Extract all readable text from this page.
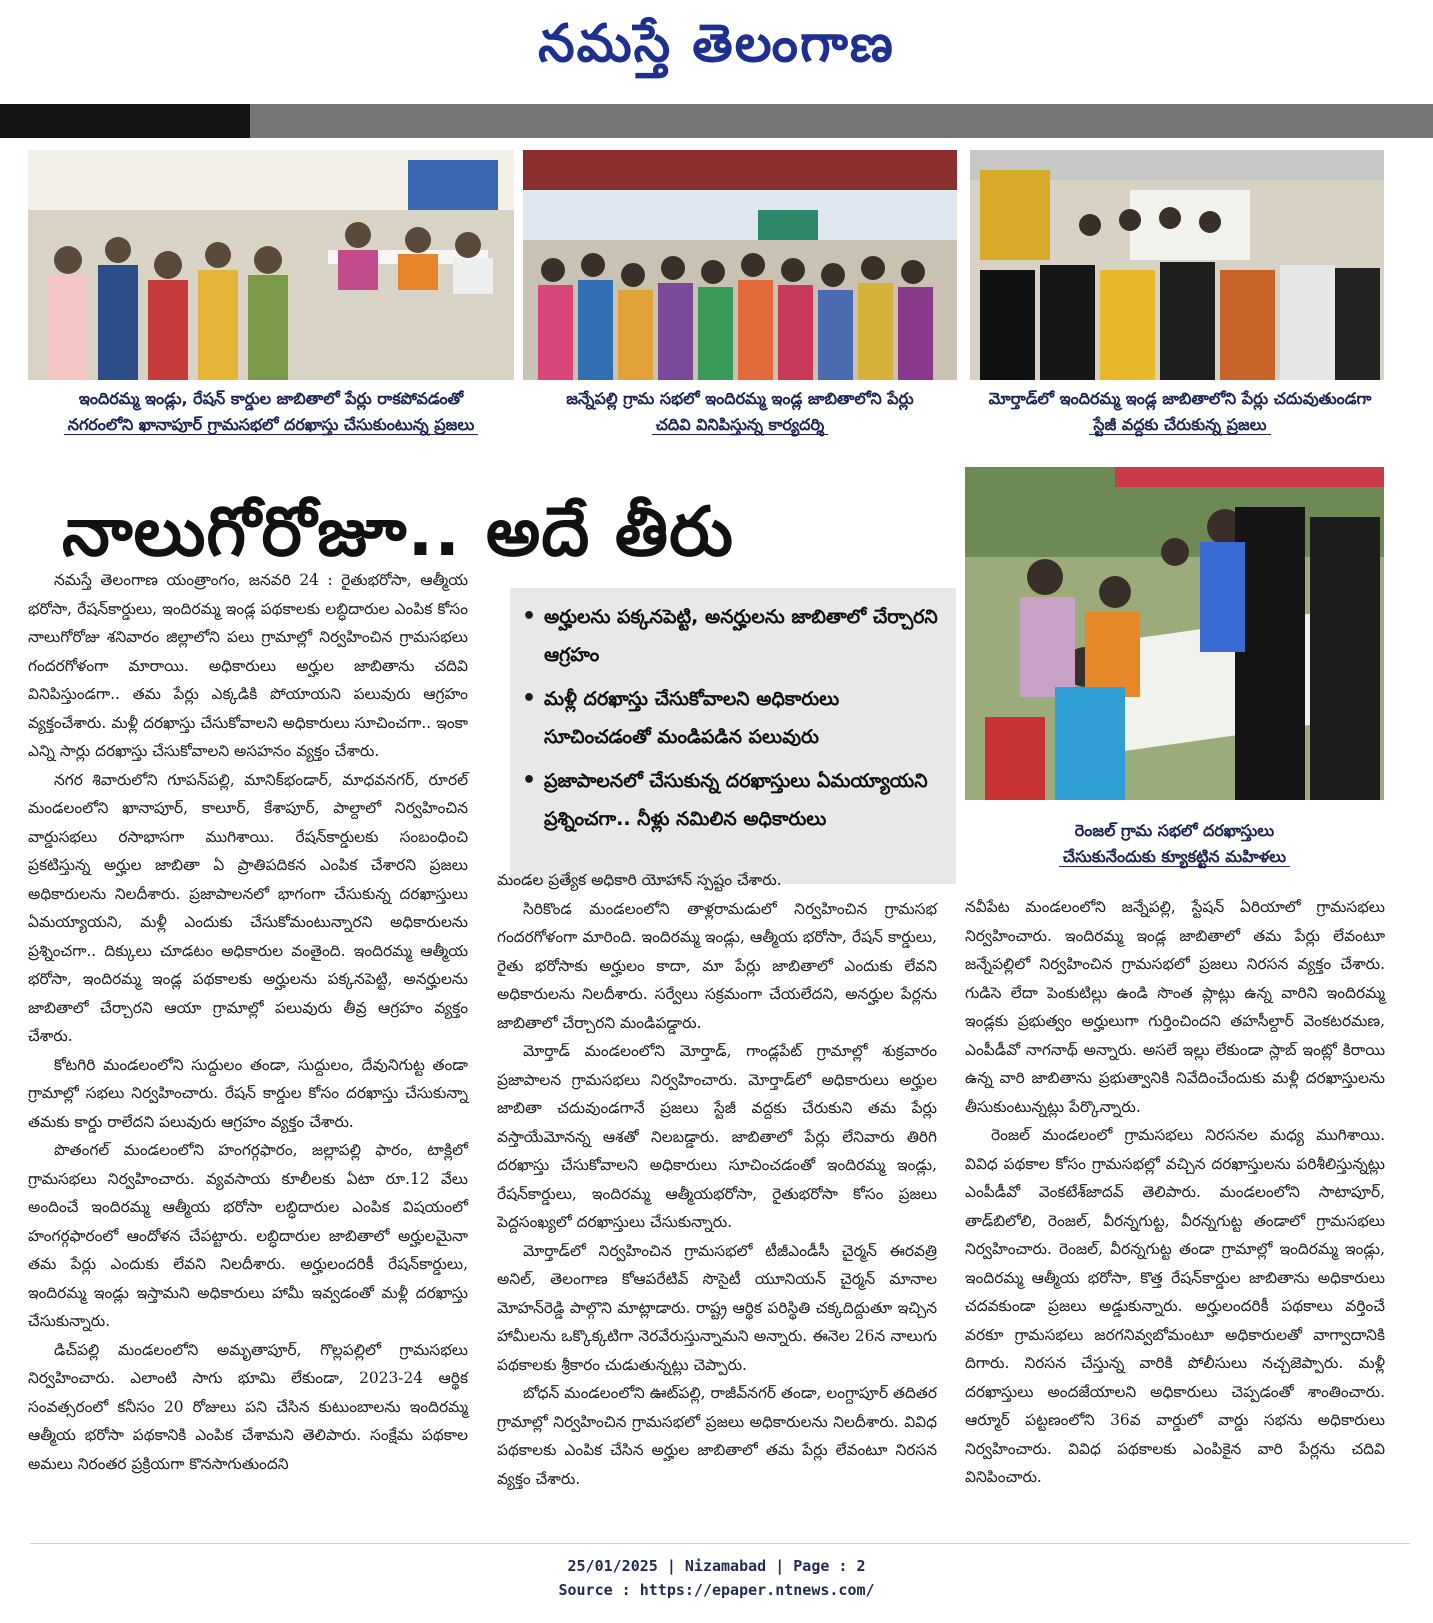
నమస్తే తెలంగాణ
ఇందిరమ్మ ఇండ్లు, రేషన్‌ కార్డుల జాబితాలో పేర్లు రాకపోవడంతో
నగరంలోని ఖానాపూర్‌ గ్రామసభలో దరఖాస్తు చేసుకుంటున్న ప్రజలు
జన్నేపల్లి గ్రామ సభలో ఇందిరమ్మ ఇండ్ల జాబితాలోని పేర్లు
చదివి వినిపిస్తున్న కార్యదర్శి
మోర్తాడ్‌లో ఇందిరమ్మ ఇండ్ల జాబితాలోని పేర్లు చదువుతుండగా
స్టేజీ వద్దకు చేరుకున్న ప్రజలు
రెంజల్‌ గ్రామ సభలో దరఖాస్తులు
చేసుకునేందుకు క్యూకట్టిన మహిళలు
నాలుగోరోజూ.. అదే తీరు
• అర్హులను పక్కనపెట్టి, అనర్హులను జాబితాలో చేర్చారని ఆగ్రహం
• మళ్లీ దరఖాస్తు చేసుకోవాలని అధికారులు సూచించడంతో మండిపడిన పలువురు
• ప్రజాపాలనలో చేసుకున్న దరఖాస్తులు ఏమయ్యాయని ప్రశ్నించగా.. నీళ్లు నమిలిన అధికారులు

నమస్తే తెలంగాణ యంత్రాంగం, జనవరి 24 : రైతుభరోసా, ఆత్మీయ భరోసా, రేషన్‌కార్డులు, ఇందిరమ్మ ఇండ్ల పథకాలకు లబ్ధిదారుల ఎంపిక కోసం నాలుగోరోజు శనివారం జిల్లాలోని పలు గ్రామాల్లో నిర్వహించిన గ్రామసభలు గందరగోళంగా మారాయి. అధికారులు అర్హుల జాబితాను చదివి వినిపిస్తుండగా.. తమ పేర్లు ఎక్కడికి పోయాయని పలువురు ఆగ్రహం వ్యక్తంచేశారు. మళ్లీ దరఖాస్తు చేసుకోవాలని అధికారులు సూచించగా.. ఇంకా ఎన్ని సార్లు దరఖాస్తు చేసుకోవాలని అసహనం వ్యక్తం చేశారు.

నగర శివారులోని గూపన్‌పల్లి, మానిక్‌భండార్‌, మాధవనగర్‌, రూరల్‌ మండలంలోని ఖానాపూర్‌, కాలూర్‌, కేశాపూర్‌, పాల్దాలో నిర్వహించిన వార్డుసభలు రసాభాసగా ముగిశాయి. రేషన్‌కార్డులకు సంబంధించి ప్రకటిస్తున్న అర్హుల జాబితా ఏ ప్రాతిపదికన ఎంపిక చేశారని ప్రజలు అధికారులను నిలదీశారు. ప్రజాపాలనలో భాగంగా చేసుకున్న దరఖాస్తులు ఏమయ్యాయని, మళ్లీ ఎందుకు చేసుకోమంటున్నారని అధికారులను ప్రశ్నించగా.. దిక్కులు చూడటం అధికారుల వంతైంది. ఇందిరమ్మ ఆత్మీయ భరోసా, ఇందిరమ్మ ఇండ్ల పథకాలకు అర్హులను పక్కనపెట్టి, అనర్హులను జాబితాలో చేర్చారని ఆయా గ్రామాల్లో పలువురు తీవ్ర ఆగ్రహం వ్యక్తం చేశారు.

కోటగిరి మండలంలోని సుద్దులం తండా, సుద్దులం, దేవునిగుట్ట తండా గ్రామాల్లో సభలు నిర్వహించారు. రేషన్‌ కార్డుల కోసం దరఖాస్తు చేసుకున్నా తమకు కార్డు రాలేదని పలువురు ఆగ్రహం వ్యక్తం చేశారు.

పొతంగల్‌ మండలంలోని హంగర్గఫారం, జల్లాపల్లి ఫారం, టాక్లిలో గ్రామసభలు నిర్వహించారు. వ్యవసాయ కూలీలకు ఏటా రూ.12 వేలు అందించే ఇందిరమ్మ ఆత్మీయ భరోసా లబ్ధిదారుల ఎంపిక విషయంలో హంగర్గఫారంలో ఆందోళన చేపట్టారు. లబ్ధిదారుల జాబితాలో అర్హులమైనా తమ పేర్లు ఎందుకు లేవని నిలదీశారు. అర్హులందరికీ రేషన్‌కార్డులు, ఇందిరమ్మ ఇండ్లు ఇస్తామని అధికారులు హామీ ఇవ్వడంతో మళ్లీ దరఖాస్తు చేసుకున్నారు.

డిచ్‌పల్లి మండలంలోని అమృతాపూర్‌, గొల్లపల్లిలో గ్రామసభలు నిర్వహించారు. ఎలాంటి సాగు భూమి లేకుండా, 2023-24 ఆర్థిక సంవత్సరంలో కనీసం 20 రోజులు పని చేసిన కుటుంబాలను ఇందిరమ్మ ఆత్మీయ భరోసా పథకానికి ఎంపిక చేశామని తెలిపారు. సంక్షేమ పథకాల అమలు నిరంతర ప్రక్రియగా కొనసాగుతుందని

మండల ప్రత్యేక అధికారి యోహాన్‌ స్పష్టం చేశారు.

సిరికొండ మండలంలోని తాళ్లరామడులో నిర్వహించిన గ్రామసభ గందరగోళంగా మారింది. ఇందిరమ్మ ఇండ్లు, ఆత్మీయ భరోసా, రేషన్‌ కార్డులు, రైతు భరోసాకు అర్హులం కాదా, మా పేర్లు జాబితాలో ఎందుకు లేవని అధికారులను నిలదీశారు. సర్వేలు సక్రమంగా చేయలేదని, అనర్హుల పేర్లను జాబితాలో చేర్చారని మండిపడ్డారు.

మోర్తాడ్‌ మండలంలోని మోర్తాడ్‌, గాండ్లపేట్‌ గ్రామాల్లో శుక్రవారం ప్రజాపాలన గ్రామసభలు నిర్వహించారు. మోర్తాడ్‌లో అధికారులు అర్హుల జాబితా చదువుండగానే ప్రజలు స్టేజీ వద్దకు చేరుకుని తమ పేర్లు వస్తాయేమోనన్న ఆశతో నిలబడ్డారు. జాబితాలో పేర్లు లేనివారు తిరిగి దరఖాస్తు చేసుకోవాలని అధికారులు సూచించడంతో ఇందిరమ్మ ఇండ్లు, రేషన్‌కార్డులు, ఇందిరమ్మ ఆత్మీయభరోసా, రైతుభరోసా కోసం ప్రజలు పెద్దసంఖ్యలో దరఖాస్తులు చేసుకున్నారు.

మోర్తాడ్‌లో నిర్వహించిన గ్రామసభలో టీజీఎండీసీ చైర్మన్‌ ఈరవత్రి అనిల్‌, తెలంగాణ కోఆపరేటివ్‌ సొసైటీ యూనియన్‌ చైర్మన్‌ మానాల మోహన్‌రెడ్డి పాల్గొని మాట్లాడారు. రాష్ట్ర ఆర్థిక పరిస్థితి చక్కదిద్దుతూ ఇచ్చిన హామీలను ఒక్కొక్కటిగా నెరవేరుస్తున్నామని అన్నారు. ఈనెల 26న నాలుగు పథకాలకు శ్రీకారం చుడుతున్నట్లు చెప్పారు.

బోధన్‌ మండలంలోని ఊట్‌పల్లి, రాజీవ్‌నగర్‌ తండా, లంగ్దాపూర్‌ తదితర గ్రామాల్లో నిర్వహించిన గ్రామసభలో ప్రజలు అధికారులను నిలదీశారు. వివిధ పథకాలకు ఎంపిక చేసిన అర్హుల జాబితాలో తమ పేర్లు లేవంటూ నిరసన వ్యక్తం చేశారు.

నవీపేట మండలంలోని జన్నేపల్లి, స్టేషన్‌ ఏరియాలో గ్రామసభలు నిర్వహించారు. ఇందిరమ్మ ఇండ్ల జాబితాలో తమ పేర్లు లేవంటూ జన్నేపల్లిలో నిర్వహించిన గ్రామసభలో ప్రజలు నిరసన వ్యక్తం చేశారు. గుడిసె లేదా పెంకుటిల్లు ఉండి సొంత ప్లాట్లు ఉన్న వారిని ఇందిరమ్మ ఇండ్లకు ప్రభుత్వం అర్హులుగా గుర్తించిందని తహసీల్దార్‌ వెంకటరమణ, ఎంపీడీవో నాగనాథ్‌ అన్నారు. అసలే ఇల్లు లేకుండా స్లాబ్‌ ఇంట్లో కిరాయి ఉన్న వారి జాబితాను ప్రభుత్వానికి నివేదించేందుకు మళ్లీ దరఖాస్తులను తీసుకుంటున్నట్లు పేర్కొన్నారు.

రెంజల్‌ మండలంలో గ్రామసభలు నిరసనల మధ్య ముగిశాయి. వివిధ పథకాల కోసం గ్రామసభల్లో వచ్చిన దరఖాస్తులను పరిశీలిస్తున్నట్లు ఎంపీడీవో వెంకటేశ్‌జాదవ్‌ తెలిపారు. మండలంలోని సాటాపూర్‌, తాడ్‌బిలోలి, రెంజల్‌, వీరన్నగుట్ట, వీరన్నగుట్ట తండాలో గ్రామసభలు నిర్వహించారు. రెంజల్‌, వీరన్నగుట్ట తండా గ్రామాల్లో ఇందిరమ్మ ఇండ్లు, ఇందిరమ్మ ఆత్మీయ భరోసా, కొత్త రేషన్‌కార్డుల జాబితాను అధికారులు చదవకుండా ప్రజలు అడ్డుకున్నారు. అర్హులందరికీ పథకాలు వర్తించే వరకూ గ్రామసభలు జరగనివ్వబోమంటూ అధికారులతో వాగ్వాదానికి దిగారు. నిరసన చేస్తున్న వారికి పోలీసులు నచ్చజెప్పారు. మళ్లీ దరఖాస్తులు అందజేయాలని అధికారులు చెప్పడంతో శాంతించారు. ఆర్మూర్‌ పట్టణంలోని 36వ వార్డులో వార్డు సభను అధికారులు నిర్వహించారు. వివిధ పథకాలకు ఎంపికైన వారి పేర్లను చదివి వినిపించారు.

25/01/2025 | Nizamabad | Page : 2
Source : https://epaper.ntnews.com/
